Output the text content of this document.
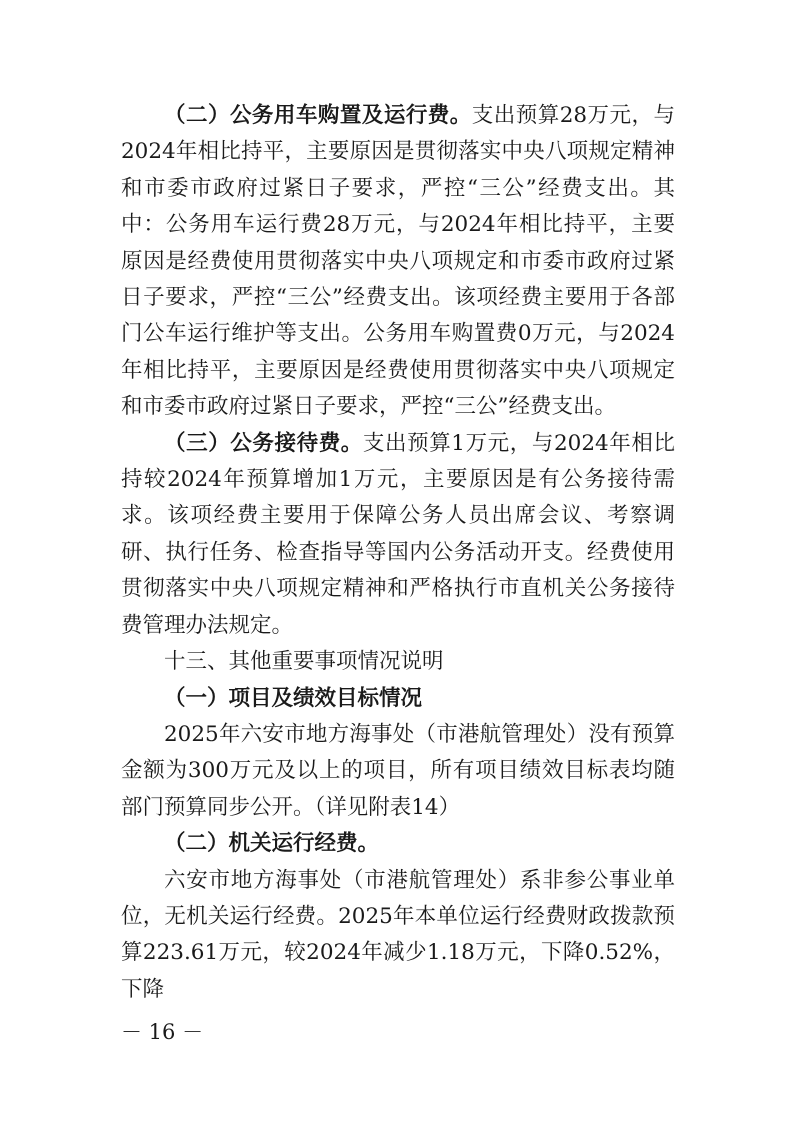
（二）公务用车购置及运行费。支出预算28万元，与2024年相比持平，主要原因是贯彻落实中央八项规定精神和市委市政府过紧日子要求，严控“三公”经费支出。其中：公务用车运行费28万元，与2024年相比持平，主要原因是经费使用贯彻落实中央八项规定和市委市政府过紧日子要求，严控“三公”经费支出。该项经费主要用于各部门公车运行维护等支出。公务用车购置费0万元，与2024年相比持平，主要原因是经费使用贯彻落实中央八项规定和市委市政府过紧日子要求，严控“三公”经费支出。

（三）公务接待费。支出预算1万元，与2024年相比持较2024年预算增加1万元，主要原因是有公务接待需求。该项经费主要用于保障公务人员出席会议、考察调研、执行任务、检查指导等国内公务活动开支。经费使用贯彻落实中央八项规定精神和严格执行市直机关公务接待费管理办法规定。

十三、其他重要事项情况说明

（一）项目及绩效目标情况

2025年六安市地方海事处（市港航管理处）没有预算金额为300万元及以上的项目，所有项目绩效目标表均随部门预算同步公开。（详见附表14）

（二）机关运行经费。

六安市地方海事处（市港航管理处）系非参公事业单位，无机关运行经费。2025年本单位运行经费财政拨款预算223.61万元，较2024年减少1.18万元，下降0.52%，下降

－ 16 －
